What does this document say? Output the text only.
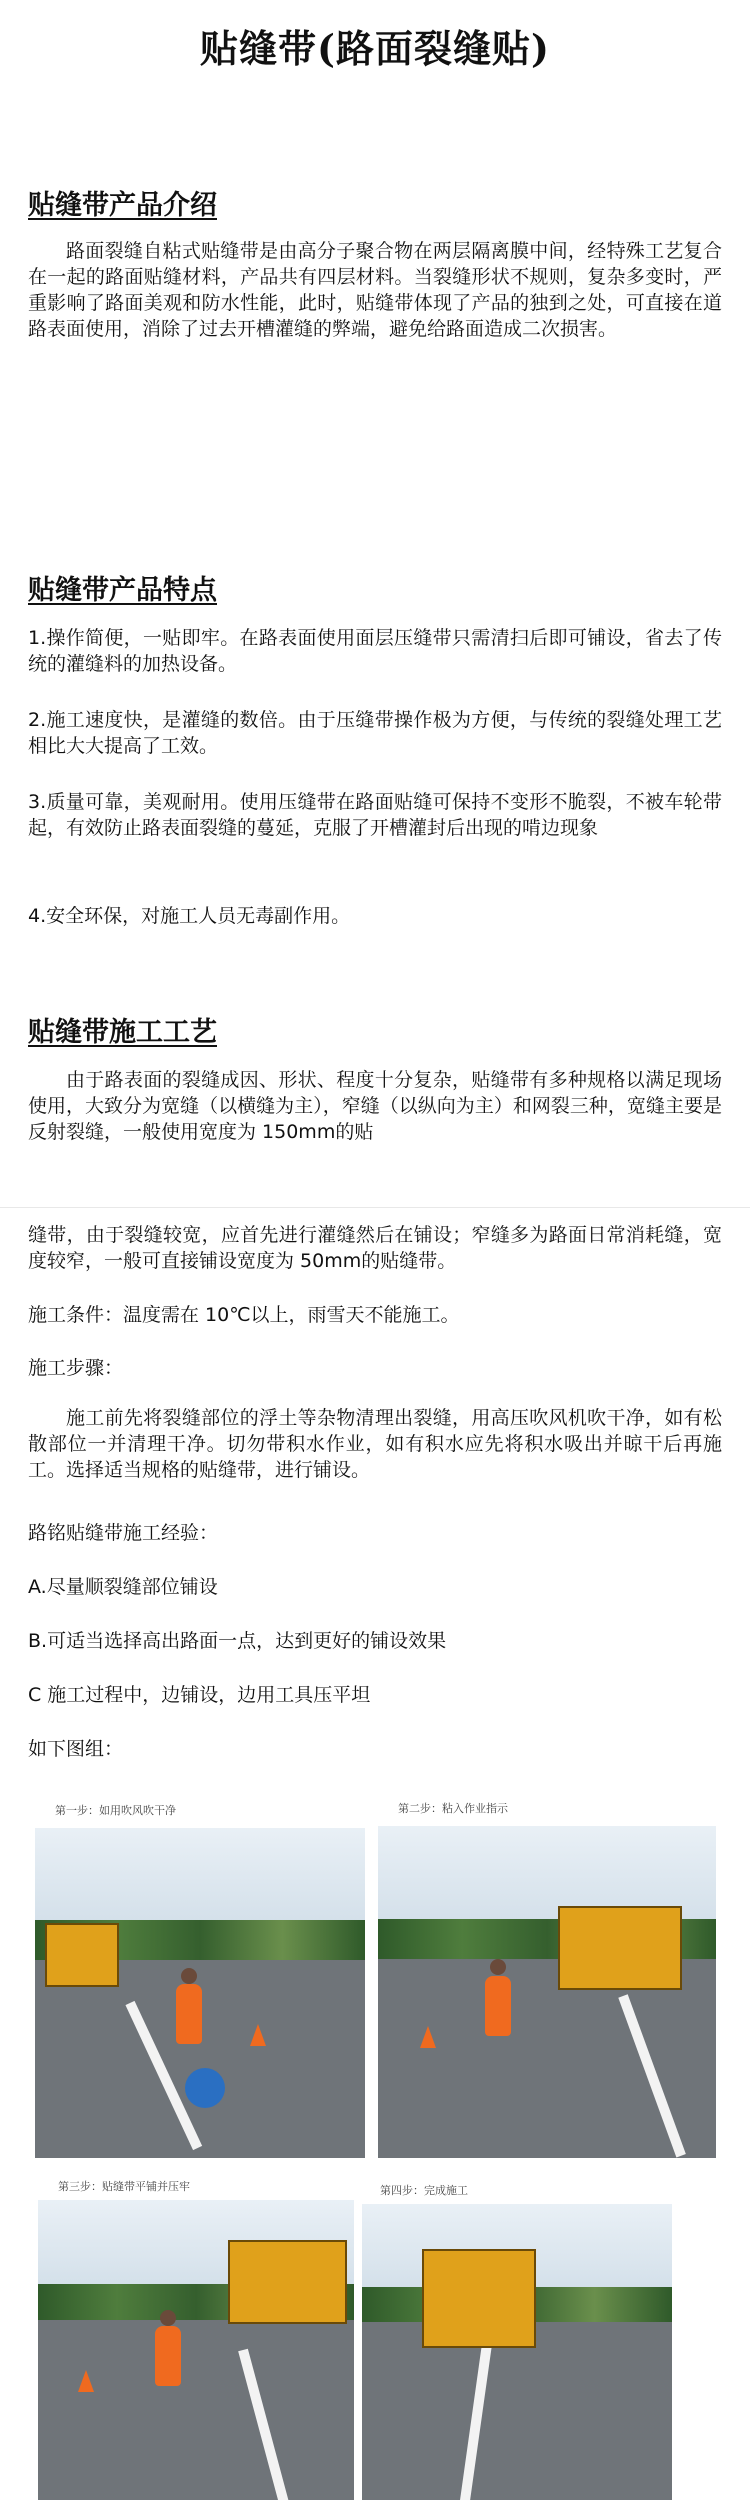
贴缝带(路面裂缝贴)
贴缝带产品介绍
路面裂缝自粘式贴缝带是由高分子聚合物在两层隔离膜中间，经特殊工艺复合在一起的路面贴缝材料，产品共有四层材料。当裂缝形状不规则，复杂多变时，严重影响了路面美观和防水性能，此时，贴缝带体现了产品的独到之处，可直接在道路表面使用，消除了过去开槽灌缝的弊端，避免给路面造成二次损害。
贴缝带产品特点
1.操作简便，一贴即牢。在路表面使用面层压缝带只需清扫后即可铺设，省去了传统的灌缝料的加热设备。
2.施工速度快，是灌缝的数倍。由于压缝带操作极为方便，与传统的裂缝处理工艺相比大大提高了工效。
3.质量可靠，美观耐用。使用压缝带在路面贴缝可保持不变形不脆裂，不被车轮带起，有效防止路表面裂缝的蔓延，克服了开槽灌封后出现的啃边现象
4.安全环保，对施工人员无毒副作用。
贴缝带施工工艺
由于路表面的裂缝成因、形状、程度十分复杂，贴缝带有多种规格以满足现场使用，大致分为宽缝（以横缝为主），窄缝（以纵向为主）和网裂三种，宽缝主要是反射裂缝，一般使用宽度为 150mm的贴
缝带，由于裂缝较宽，应首先进行灌缝然后在铺设；窄缝多为路面日常消耗缝，宽度较窄，一般可直接铺设宽度为 50mm的贴缝带。
施工条件：温度需在 10℃以上，雨雪天不能施工。
施工步骤：
施工前先将裂缝部位的浮土等杂物清理出裂缝，用高压吹风机吹干净，如有松散部位一并清理干净。切勿带积水作业，如有积水应先将积水吸出并晾干后再施工。选择适当规格的贴缝带，进行铺设。
路铭贴缝带施工经验：
A.尽量顺裂缝部位铺设
B.可适当选择高出路面一点，达到更好的铺设效果
C 施工过程中，边铺设，边用工具压平坦
如下图组：
第一步：如用吹风吹干净	第二步：粘入作业指示
第三步：贴缝带平铺并压牢	第四步：完成施工
